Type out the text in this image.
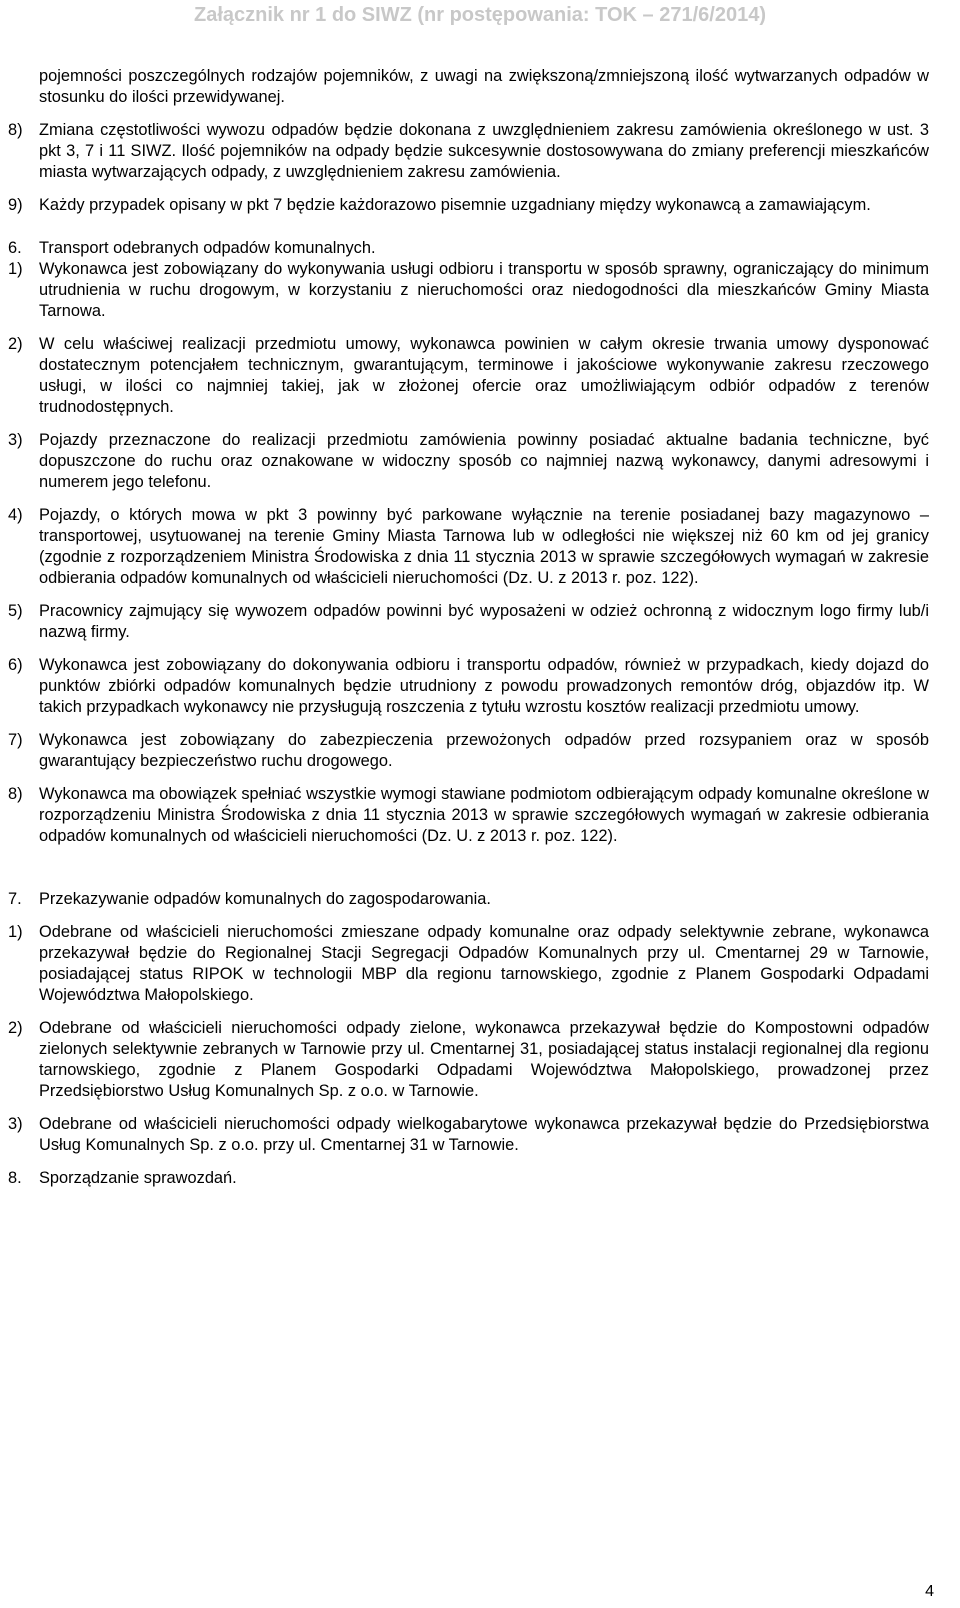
Załącznik nr 1 do SIWZ (nr postępowania: TOK – 271/6/2014)
pojemności poszczególnych rodzajów pojemników, z uwagi na zwiększoną/zmniejszoną ilość wytwarzanych odpadów w stosunku do ilości przewidywanej.
8)	Zmiana częstotliwości wywozu odpadów będzie dokonana z uwzględnieniem zakresu zamówienia określonego w ust. 3 pkt 3, 7 i 11 SIWZ. Ilość pojemników na odpady będzie sukcesywnie dostosowywana do zmiany preferencji mieszkańców miasta wytwarzających odpady, z uwzględnieniem zakresu zamówienia.
9)	Każdy przypadek opisany w pkt 7 będzie każdorazowo pisemnie uzgadniany między wykonawcą a zamawiającym.
6.	Transport odebranych odpadów komunalnych.
1)	Wykonawca jest zobowiązany do wykonywania usługi odbioru i transportu w sposób sprawny, ograniczający do minimum utrudnienia w ruchu drogowym, w korzystaniu z nieruchomości oraz niedogodności dla mieszkańców Gminy Miasta Tarnowa.
2)	W celu właściwej realizacji przedmiotu umowy, wykonawca powinien w całym okresie trwania umowy dysponować dostatecznym potencjałem technicznym, gwarantującym, terminowe i jakościowe wykonywanie zakresu rzeczowego usługi, w ilości co najmniej takiej, jak w złożonej ofercie oraz umożliwiającym odbiór odpadów z terenów trudnodostępnych.
3)	Pojazdy przeznaczone do realizacji przedmiotu zamówienia powinny posiadać aktualne badania techniczne, być dopuszczone do ruchu oraz oznakowane w widoczny sposób co najmniej nazwą wykonawcy, danymi adresowymi i numerem jego telefonu.
4)	Pojazdy, o których mowa w pkt 3 powinny być parkowane wyłącznie na terenie posiadanej bazy magazynowo – transportowej, usytuowanej na terenie Gminy Miasta Tarnowa lub w odległości nie większej niż 60 km od jej granicy (zgodnie z rozporządzeniem Ministra Środowiska z dnia 11 stycznia 2013 w sprawie szczegółowych wymagań w zakresie odbierania odpadów komunalnych od właścicieli nieruchomości (Dz. U. z 2013 r. poz. 122).
5)	Pracownicy zajmujący się wywozem odpadów powinni być wyposażeni w odzież ochronną z widocznym logo firmy lub/i nazwą firmy.
6)	Wykonawca jest zobowiązany do dokonywania odbioru i transportu odpadów, również w przypadkach, kiedy dojazd do punktów zbiórki odpadów komunalnych będzie utrudniony z powodu prowadzonych remontów dróg, objazdów itp. W takich przypadkach wykonawcy nie przysługują roszczenia z tytułu wzrostu kosztów realizacji przedmiotu umowy.
7)	Wykonawca jest zobowiązany do zabezpieczenia przewożonych odpadów przed rozsypaniem oraz w sposób gwarantujący bezpieczeństwo ruchu drogowego.
8)	Wykonawca ma obowiązek spełniać wszystkie wymogi stawiane podmiotom odbierającym odpady komunalne określone w rozporządzeniu Ministra Środowiska z dnia 11 stycznia 2013 w sprawie szczegółowych wymagań w zakresie odbierania odpadów komunalnych od właścicieli nieruchomości (Dz. U. z 2013 r. poz. 122).
7.	Przekazywanie odpadów komunalnych do zagospodarowania.
1)	Odebrane od właścicieli nieruchomości zmieszane odpady komunalne oraz odpady selektywnie zebrane, wykonawca przekazywał będzie do Regionalnej Stacji Segregacji Odpadów Komunalnych przy ul. Cmentarnej 29 w Tarnowie, posiadającej status RIPOK w technologii MBP dla regionu tarnowskiego, zgodnie z Planem Gospodarki Odpadami Województwa Małopolskiego.
2)	Odebrane od właścicieli nieruchomości odpady zielone, wykonawca przekazywał będzie do Kompostowni odpadów zielonych selektywnie zebranych w Tarnowie przy ul. Cmentarnej 31, posiadającej status instalacji regionalnej dla regionu tarnowskiego, zgodnie z Planem Gospodarki Odpadami Województwa Małopolskiego, prowadzonej przez Przedsiębiorstwo Usług Komunalnych Sp. z o.o. w Tarnowie.
3)	Odebrane od właścicieli nieruchomości odpady wielkogabarytowe wykonawca przekazywał będzie do Przedsiębiorstwa Usług Komunalnych Sp. z o.o. przy ul. Cmentarnej 31 w Tarnowie.
8.	Sporządzanie sprawozdań.
4
